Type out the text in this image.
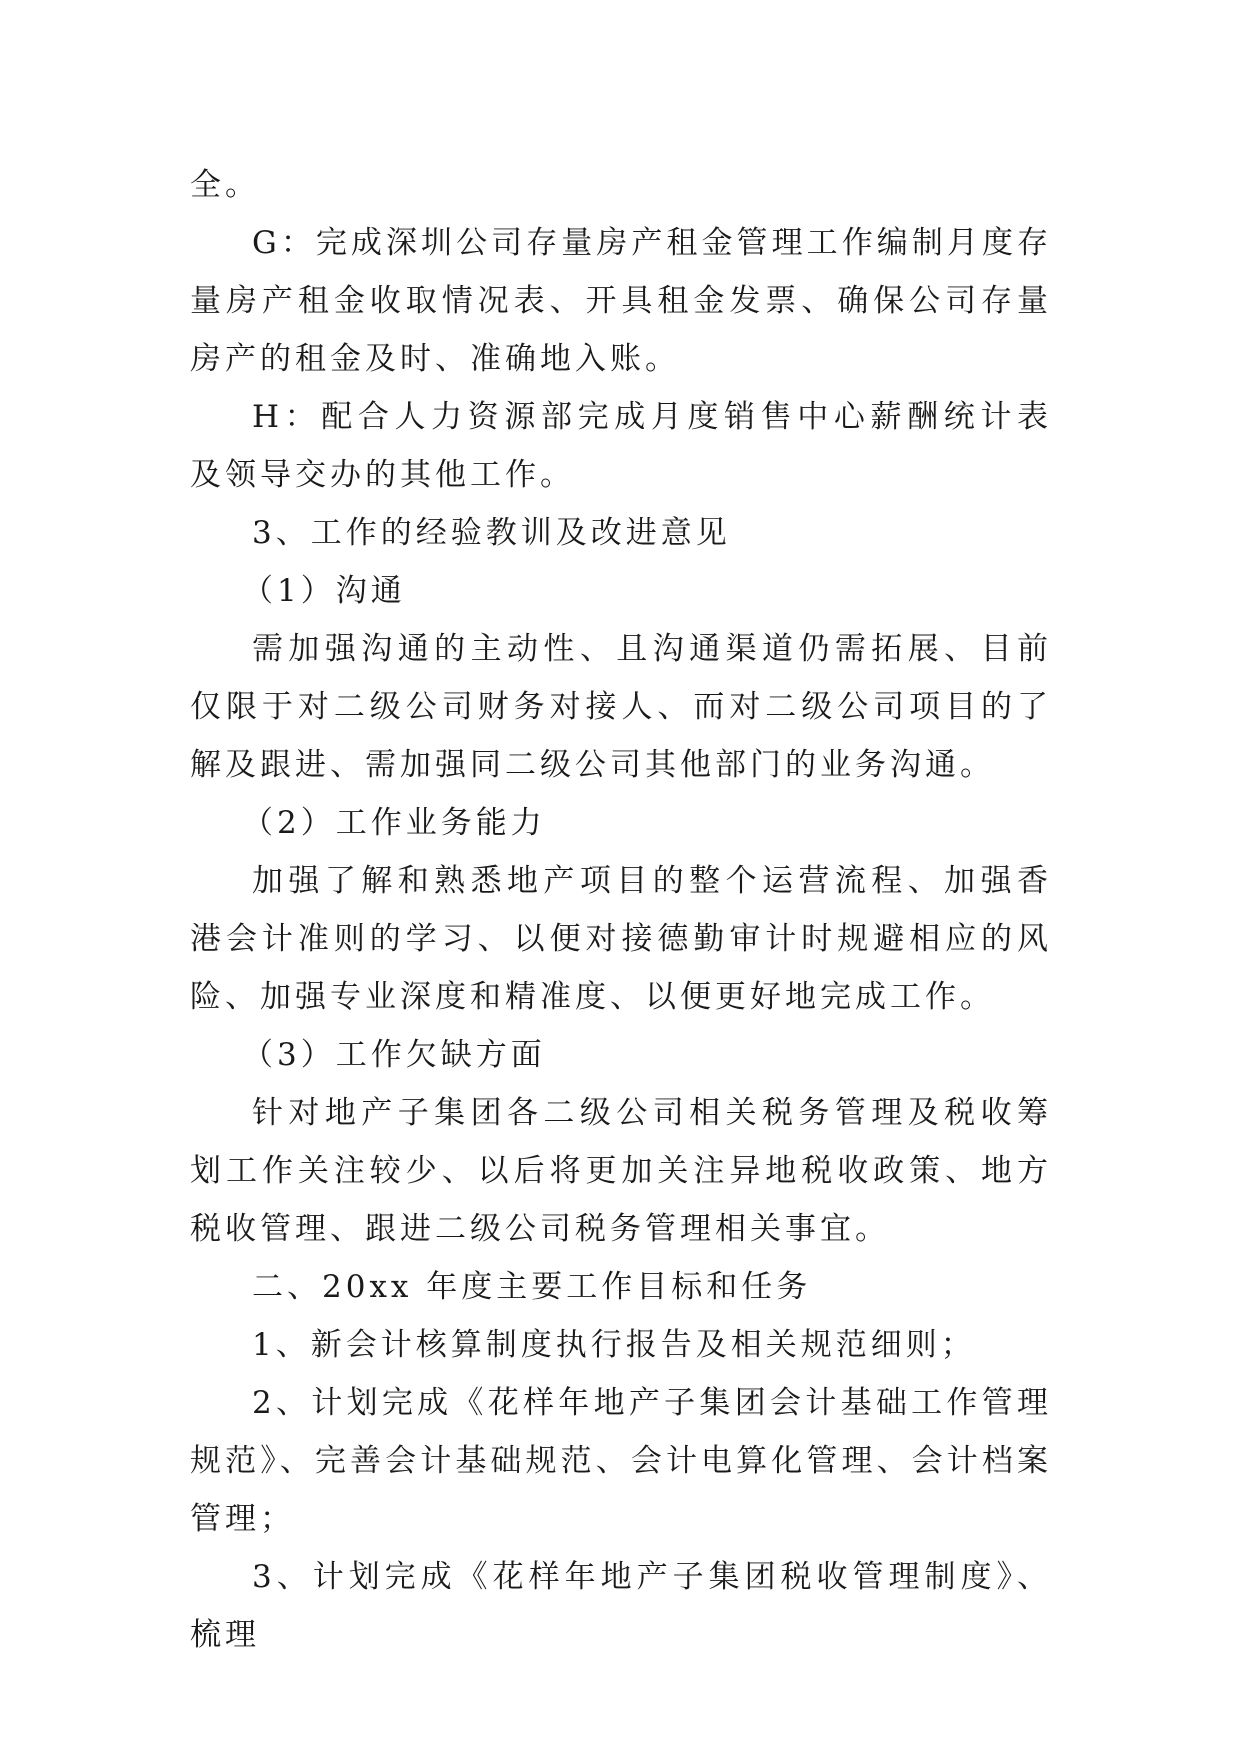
全。

G：完成深圳公司存量房产租金管理工作编制月度存量房产租金收取情况表、开具租金发票、确保公司存量房产的租金及时、准确地入账。

H：配合人力资源部完成月度销售中心薪酬统计表及领导交办的其他工作。

3、工作的经验教训及改进意见

（1）沟通

需加强沟通的主动性、且沟通渠道仍需拓展、目前仅限于对二级公司财务对接人、而对二级公司项目的了解及跟进、需加强同二级公司其他部门的业务沟通。

（2）工作业务能力

加强了解和熟悉地产项目的整个运营流程、加强香港会计准则的学习、以便对接德勤审计时规避相应的风险、加强专业深度和精准度、以便更好地完成工作。

（3）工作欠缺方面

针对地产子集团各二级公司相关税务管理及税收筹划工作关注较少、以后将更加关注异地税收政策、地方税收管理、跟进二级公司税务管理相关事宜。

二、20xx 年度主要工作目标和任务

1、新会计核算制度执行报告及相关规范细则；

2、计划完成《花样年地产子集团会计基础工作管理规范》、完善会计基础规范、会计电算化管理、会计档案管理；

3、计划完成《花样年地产子集团税收管理制度》、梳理
